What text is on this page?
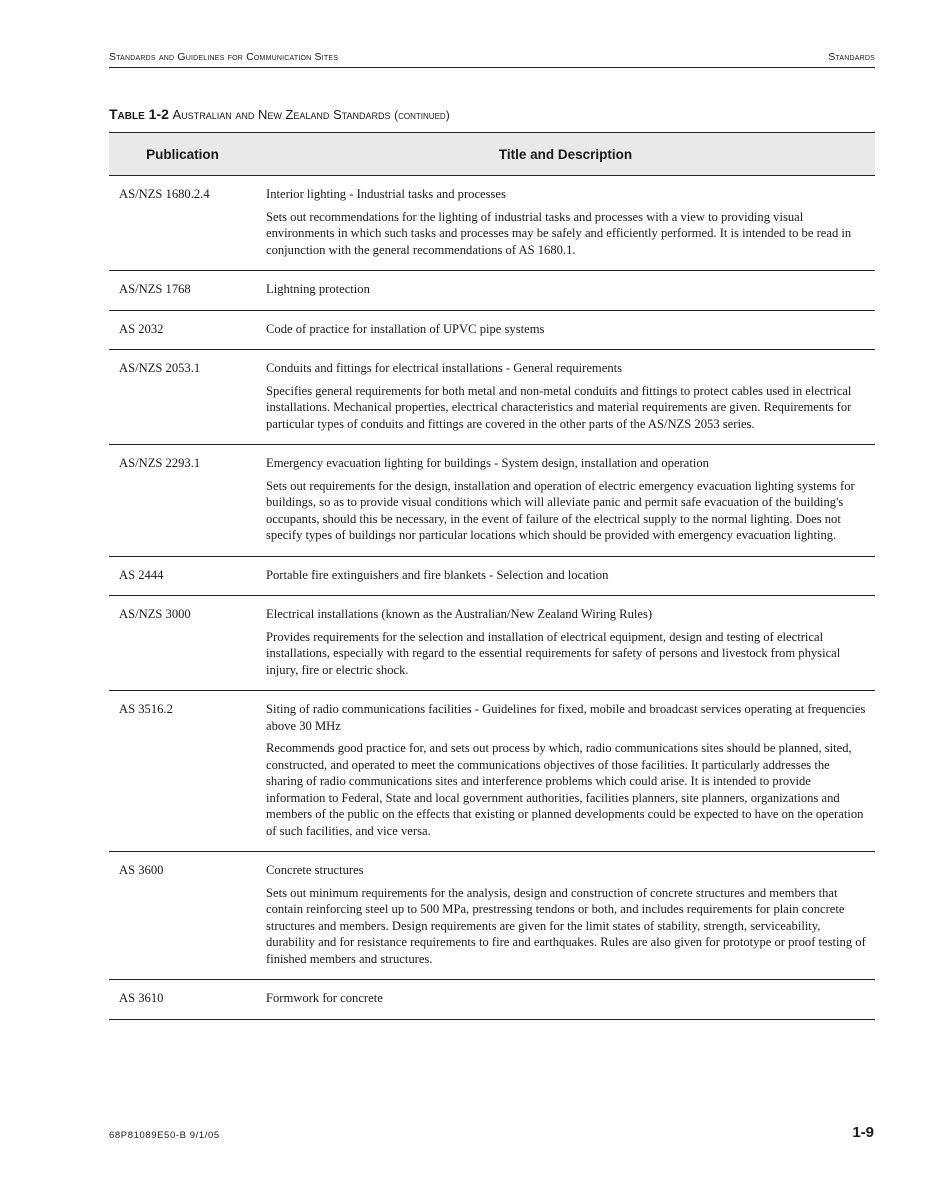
Standards and Guidelines for Communication Sites	Standards
Table 1-2 Australian and New Zealand Standards (continued)
Publication	Title and Description
AS/NZS 1680.2.4	Interior lighting - Industrial tasks and processes

Sets out recommendations for the lighting of industrial tasks and processes with a view to providing visual environments in which such tasks and processes may be safely and efficiently performed. It is intended to be read in conjunction with the general recommendations of AS 1680.1.

AS/NZS 1768	Lightning protection

AS 2032	Code of practice for installation of UPVC pipe systems

AS/NZS 2053.1	Conduits and fittings for electrical installations - General requirements

Specifies general requirements for both metal and non-metal conduits and fittings to protect cables used in electrical installations. Mechanical properties, electrical characteristics and material requirements are given. Requirements for particular types of conduits and fittings are covered in the other parts of the AS/NZS 2053 series.

AS/NZS 2293.1	Emergency evacuation lighting for buildings - System design, installation and operation

Sets out requirements for the design, installation and operation of electric emergency evacuation lighting systems for buildings, so as to provide visual conditions which will alleviate panic and permit safe evacuation of the building's occupants, should this be necessary, in the event of failure of the electrical supply to the normal lighting. Does not specify types of buildings nor particular locations which should be provided with emergency evacuation lighting.

AS 2444	Portable fire extinguishers and fire blankets - Selection and location

AS/NZS 3000	Electrical installations (known as the Australian/New Zealand Wiring Rules)

Provides requirements for the selection and installation of electrical equipment, design and testing of electrical installations, especially with regard to the essential requirements for safety of persons and livestock from physical injury, fire or electric shock.

AS 3516.2	Siting of radio communications facilities - Guidelines for fixed, mobile and broadcast services operating at frequencies above 30 MHz

Recommends good practice for, and sets out process by which, radio communications sites should be planned, sited, constructed, and operated to meet the communications objectives of those facilities. It particularly addresses the sharing of radio communications sites and interference problems which could arise. It is intended to provide information to Federal, State and local government authorities, facilities planners, site planners, organizations and members of the public on the effects that existing or planned developments could be expected to have on the operation of such facilities, and vice versa.

AS 3600	Concrete structures

Sets out minimum requirements for the analysis, design and construction of concrete structures and members that contain reinforcing steel up to 500 MPa, prestressing tendons or both, and includes requirements for plain concrete structures and members. Design requirements are given for the limit states of stability, strength, serviceability, durability and for resistance requirements to fire and earthquakes. Rules are also given for prototype or proof testing of finished members and structures.

AS 3610	Formwork for concrete

68P81089E50-B 9/1/05	1-9
